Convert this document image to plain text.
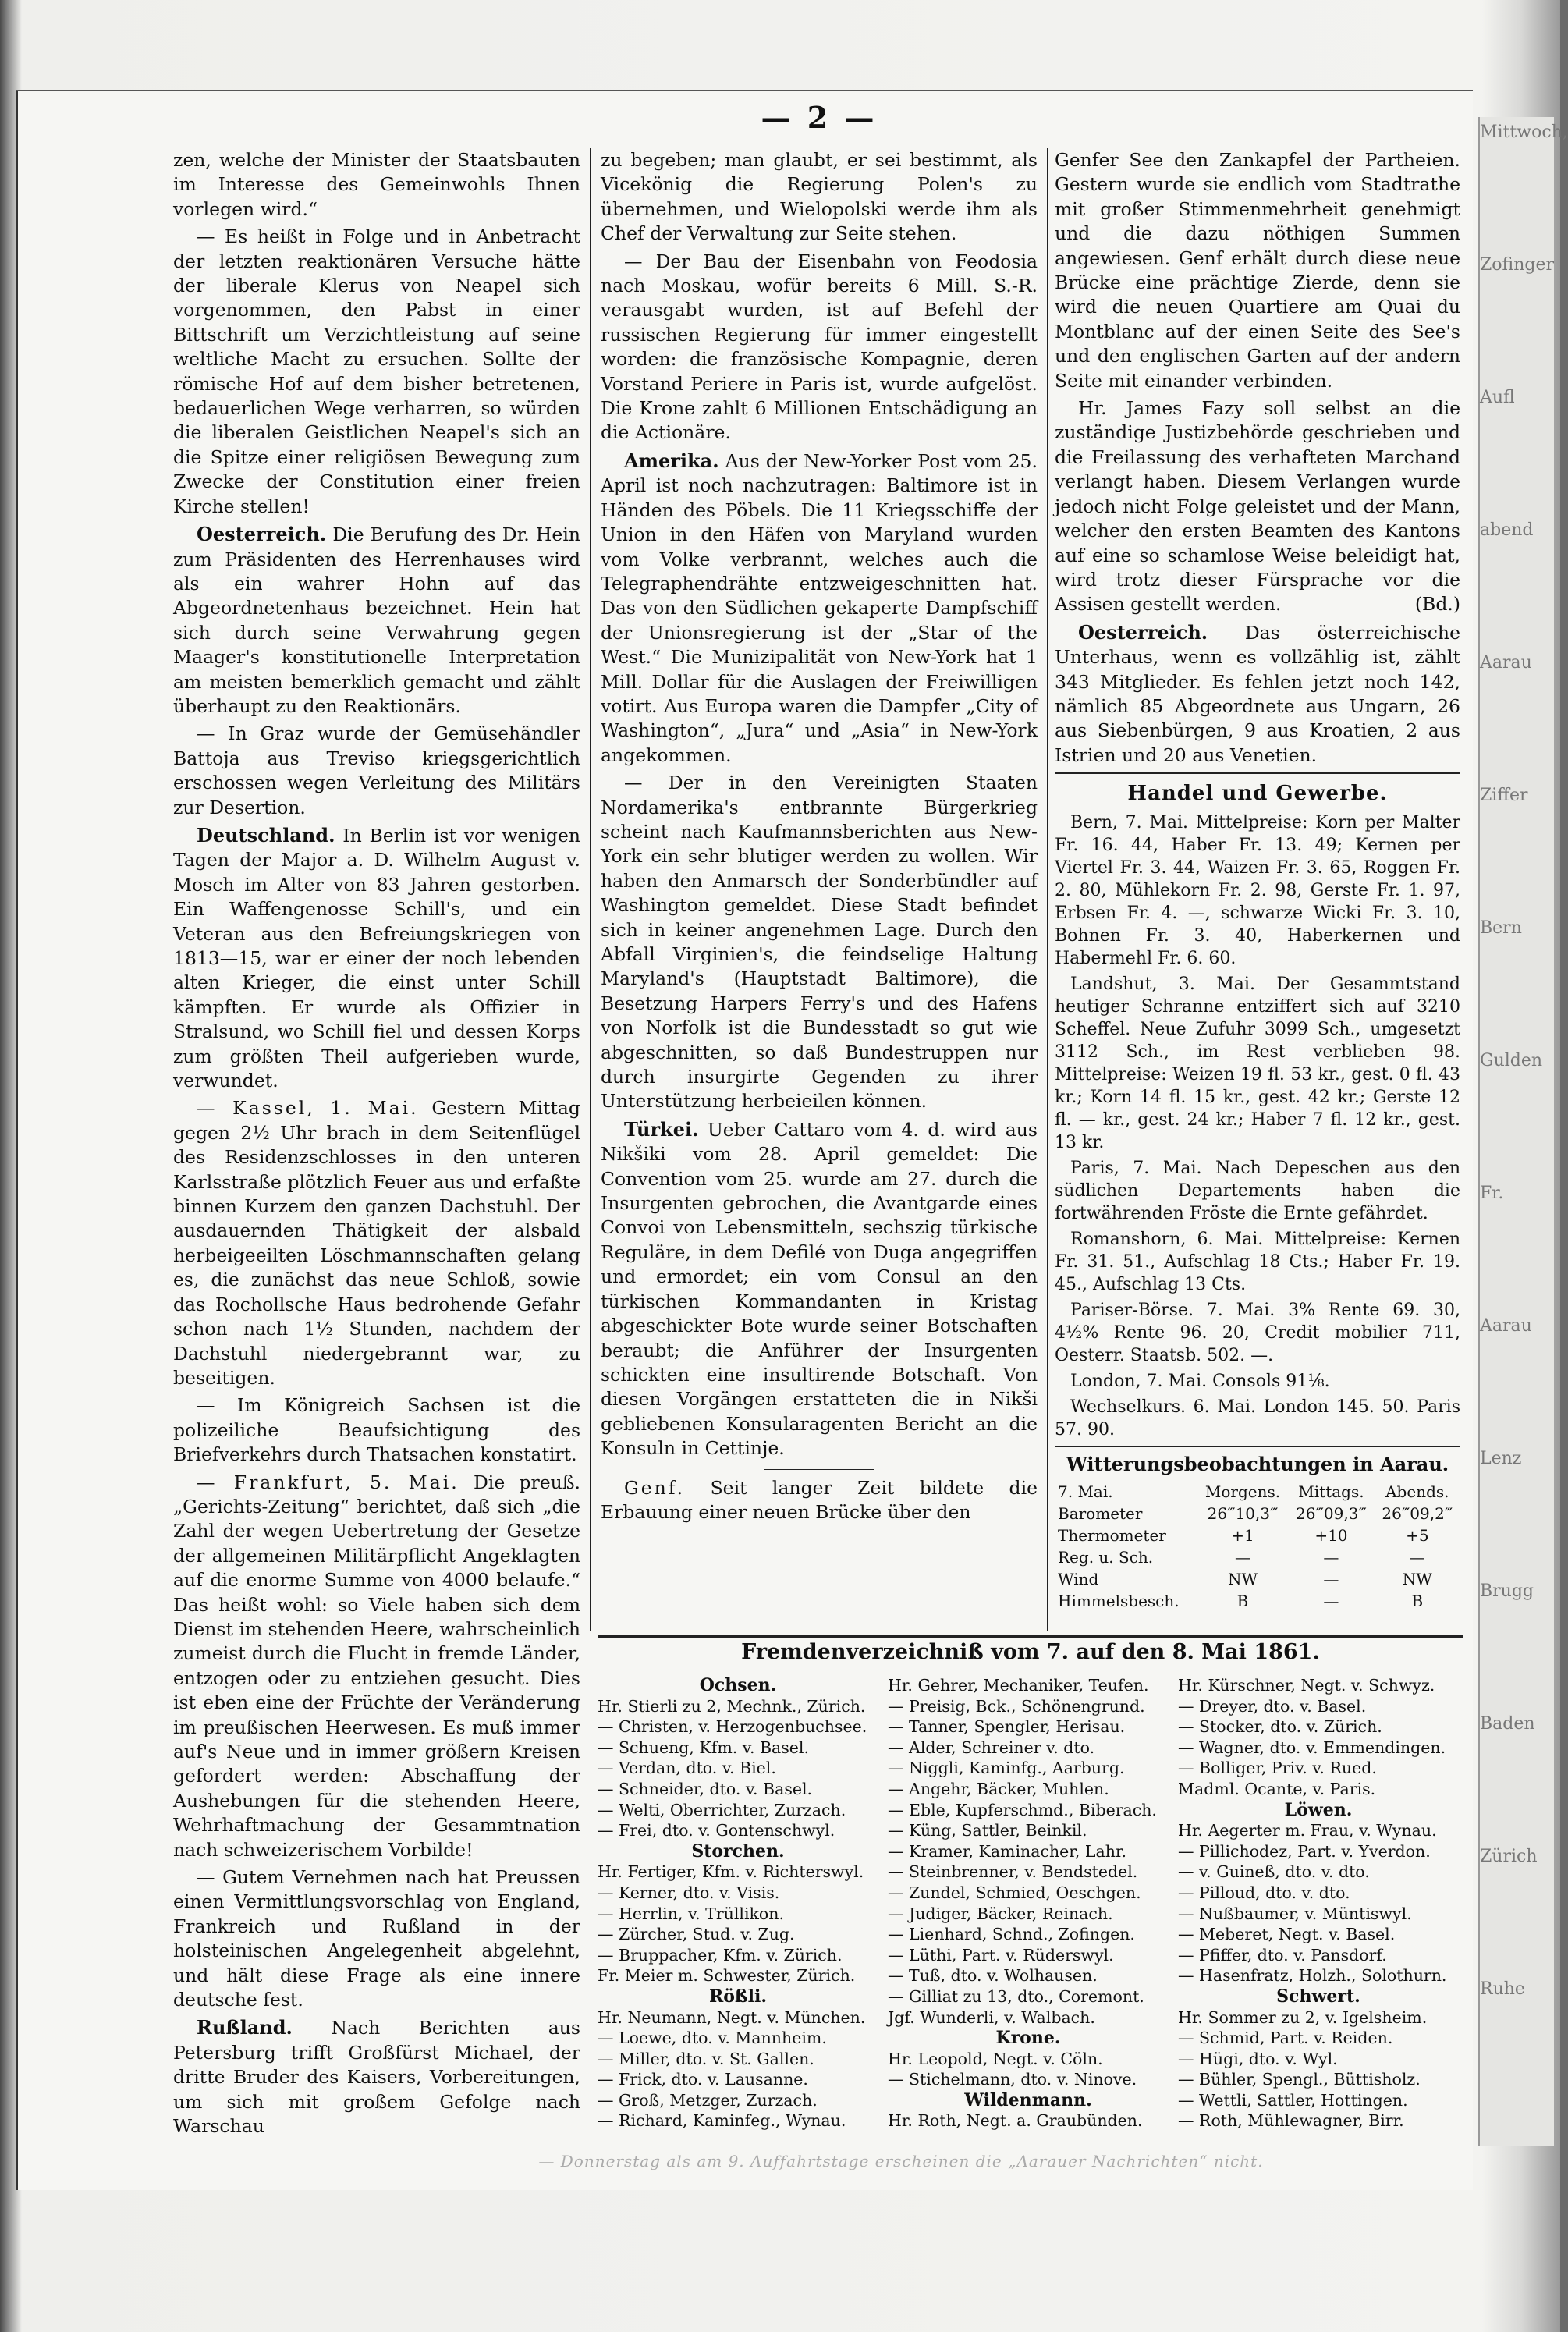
Mittwoch,
Zofinger
Aufl
abend
Aarau
Ziffer
Bern
Gulden
Fr.
Aarau
Lenz
Brugg
Baden
Zürich
Ruhe
— 2 —

zen, welche der Minister der Staatsbauten im Interesse des Gemeinwohls Ihnen vorlegen wird.“

— Es heißt in Folge und in Anbetracht der letzten reaktionären Versuche hätte der liberale Klerus von Neapel sich vorgenommen, den Pabst in einer Bittschrift um Verzichtleistung auf seine weltliche Macht zu ersuchen. Sollte der römische Hof auf dem bisher betretenen, bedauerlichen Wege verharren, so würden die liberalen Geistlichen Neapel's sich an die Spitze einer religiösen Bewegung zum Zwecke der Constitution einer freien Kirche stellen!

Oesterreich. Die Berufung des Dr. Hein zum Präsidenten des Herrenhauses wird als ein wahrer Hohn auf das Abgeordnetenhaus bezeichnet. Hein hat sich durch seine Verwahrung gegen Maager's konstitutionelle Interpretation am meisten bemerklich gemacht und zählt überhaupt zu den Reaktionärs.

— In Graz wurde der Gemüsehändler Battoja aus Treviso kriegsgerichtlich erschossen wegen Verleitung des Militärs zur Desertion.

Deutschland. In Berlin ist vor wenigen Tagen der Major a. D. Wilhelm August v. Mosch im Alter von 83 Jahren gestorben. Ein Waffengenosse Schill's, und ein Veteran aus den Befreiungskriegen von 1813—15, war er einer der noch lebenden alten Krieger, die einst unter Schill kämpften. Er wurde als Offizier in Stralsund, wo Schill fiel und dessen Korps zum größten Theil aufgerieben wurde, verwundet.

— Kassel, 1. Mai. Gestern Mittag gegen 2½ Uhr brach in dem Seitenflügel des Residenzschlosses in den unteren Karlsstraße plötzlich Feuer aus und erfaßte binnen Kurzem den ganzen Dachstuhl. Der ausdauernden Thätigkeit der alsbald herbeigeeilten Löschmannschaften gelang es, die zunächst das neue Schloß, sowie das Rochollsche Haus bedrohende Gefahr schon nach 1½ Stunden, nachdem der Dachstuhl niedergebrannt war, zu beseitigen.

— Im Königreich Sachsen ist die polizeiliche Beaufsichtigung des Briefverkehrs durch Thatsachen konstatirt.

— Frankfurt, 5. Mai. Die preuß. „Gerichts-Zeitung“ berichtet, daß sich „die Zahl der wegen Uebertretung der Gesetze der allgemeinen Militärpflicht Angeklagten auf die enorme Summe von 4000 belaufe.“ Das heißt wohl: so Viele haben sich dem Dienst im stehenden Heere, wahrscheinlich zumeist durch die Flucht in fremde Länder, entzogen oder zu entziehen gesucht. Dies ist eben eine der Früchte der Veränderung im preußischen Heerwesen. Es muß immer auf's Neue und in immer größern Kreisen gefordert werden: Abschaffung der Aushebungen für die stehenden Heere, Wehrhaftmachung der Gesammtnation nach schweizerischem Vorbilde!

— Gutem Vernehmen nach hat Preussen einen Vermittlungsvorschlag von England, Frankreich und Rußland in der holsteinischen Angelegenheit abgelehnt, und hält diese Frage als eine innere deutsche fest.

Rußland. Nach Berichten aus Petersburg trifft Großfürst Michael, der dritte Bruder des Kaisers, Vorbereitungen, um sich mit großem Gefolge nach Warschau

zu begeben; man glaubt, er sei bestimmt, als Vicekönig die Regierung Polen's zu übernehmen, und Wielopolski werde ihm als Chef der Verwaltung zur Seite stehen.

— Der Bau der Eisenbahn von Feodosia nach Moskau, wofür bereits 6 Mill. S.-R. verausgabt wurden, ist auf Befehl der russischen Regierung für immer eingestellt worden: die französische Kompagnie, deren Vorstand Periere in Paris ist, wurde aufgelöst. Die Krone zahlt 6 Millionen Entschädigung an die Actionäre.

Amerika. Aus der New-Yorker Post vom 25. April ist noch nachzutragen: Baltimore ist in Händen des Pöbels. Die 11 Kriegsschiffe der Union in den Häfen von Maryland wurden vom Volke verbrannt, welches auch die Telegraphendrähte entzweigeschnitten hat. Das von den Südlichen gekaperte Dampfschiff der Unionsregierung ist der „Star of the West.“ Die Munizipalität von New-York hat 1 Mill. Dollar für die Auslagen der Freiwilligen votirt. Aus Europa waren die Dampfer „City of Washington“, „Jura“ und „Asia“ in New-York angekommen.

— Der in den Vereinigten Staaten Nordamerika's entbrannte Bürgerkrieg scheint nach Kaufmannsberichten aus New-York ein sehr blutiger werden zu wollen. Wir haben den Anmarsch der Sonderbündler auf Washington gemeldet. Diese Stadt befindet sich in keiner angenehmen Lage. Durch den Abfall Virginien's, die feindselige Haltung Maryland's (Hauptstadt Baltimore), die Besetzung Harpers Ferry's und des Hafens von Norfolk ist die Bundesstadt so gut wie abgeschnitten, so daß Bundestruppen nur durch insurgirte Gegenden zu ihrer Unterstützung herbeieilen können.

Türkei. Ueber Cattaro vom 4. d. wird aus Nikšiki vom 28. April gemeldet: Die Convention vom 25. wurde am 27. durch die Insurgenten gebrochen, die Avantgarde eines Convoi von Lebensmitteln, sechszig türkische Reguläre, in dem Defilé von Duga angegriffen und ermordet; ein vom Consul an den türkischen Kommandanten in Kristag abgeschickter Bote wurde seiner Botschaften beraubt; die Anführer der Insurgenten schickten eine insultirende Botschaft. Von diesen Vorgängen erstatteten die in Nikši gebliebenen Konsularagenten Bericht an die Konsuln in Cettinje.

Genf. Seit langer Zeit bildete die Erbauung einer neuen Brücke über den

Genfer See den Zankapfel der Partheien. Gestern wurde sie endlich vom Stadtrathe mit großer Stimmenmehrheit genehmigt und die dazu nöthigen Summen angewiesen. Genf erhält durch diese neue Brücke eine prächtige Zierde, denn sie wird die neuen Quartiere am Quai du Montblanc auf der einen Seite des See's und den englischen Garten auf der andern Seite mit einander verbinden.

Hr. James Fazy soll selbst an die zuständige Justizbehörde geschrieben und die Freilassung des verhafteten Marchand verlangt haben. Diesem Verlangen wurde jedoch nicht Folge geleistet und der Mann, welcher den ersten Beamten des Kantons auf eine so schamlose Weise beleidigt hat, wird trotz dieser Fürsprache vor die Assisen gestellt werden.	(Bd.)

Oesterreich. Das österreichische Unterhaus, wenn es vollzählig ist, zählt 343 Mitglieder. Es fehlen jetzt noch 142, nämlich 85 Abgeordnete aus Ungarn, 26 aus Siebenbürgen, 9 aus Kroatien, 2 aus Istrien und 20 aus Venetien.

Handel und Gewerbe.

Bern, 7. Mai. Mittelpreise: Korn per Malter Fr. 16. 44, Haber Fr. 13. 49; Kernen per Viertel Fr. 3. 44, Waizen Fr. 3. 65, Roggen Fr. 2. 80, Mühlekorn Fr. 2. 98, Gerste Fr. 1. 97, Erbsen Fr. 4. —, schwarze Wicki Fr. 3. 10, Bohnen Fr. 3. 40, Haberkernen und Habermehl Fr. 6. 60.

Landshut, 3. Mai. Der Gesammtstand heutiger Schranne entziffert sich auf 3210 Scheffel. Neue Zufuhr 3099 Sch., umgesetzt 3112 Sch., im Rest verblieben 98. Mittelpreise: Weizen 19 fl. 53 kr., gest. 0 fl. 43 kr.; Korn 14 fl. 15 kr., gest. 42 kr.; Gerste 12 fl. — kr., gest. 24 kr.; Haber 7 fl. 12 kr., gest. 13 kr.

Paris, 7. Mai. Nach Depeschen aus den südlichen Departements haben die fortwährenden Fröste die Ernte gefährdet.

Romanshorn, 6. Mai. Mittelpreise: Kernen Fr. 31. 51., Aufschlag 18 Cts.; Haber Fr. 19. 45., Aufschlag 13 Cts.

Pariser-Börse. 7. Mai. 3% Rente 69. 30, 4½% Rente 96. 20, Credit mobilier 711, Oesterr. Staatsb. 502. —.

London, 7. Mai. Consols 91⅛.

Wechselkurs. 6. Mai. London 145. 50. Paris 57. 90.

Witterungsbeobachtungen in Aarau.
7. Mai.	Morgens.	Mittags.	Abends.
Barometer	26‴10,3‴	26‴09,3‴	26‴09,2‴
Thermometer	+1	+10	+5
Reg. u. Sch.	—	—	—
Wind	NW	—	NW
Himmelsbesch.	B	—	B
Fremdenverzeichniß vom 7. auf den 8. Mai 1861.
Ochsen.
Hr. Stierli zu 2, Mechnk., Zürich.
— Christen, v. Herzogenbuchsee.
— Schueng, Kfm. v. Basel.
— Verdan, dto. v. Biel.
— Schneider, dto. v. Basel.
— Welti, Oberrichter, Zurzach.
— Frei, dto. v. Gontenschwyl.
Storchen.
Hr. Fertiger, Kfm. v. Richterswyl.
— Kerner, dto. v. Visis.
— Herrlin, v. Trüllikon.
— Zürcher, Stud. v. Zug.
— Bruppacher, Kfm. v. Zürich.
Fr. Meier m. Schwester, Zürich.
Rößli.
Hr. Neumann, Negt. v. München.
— Loewe, dto. v. Mannheim.
— Miller, dto. v. St. Gallen.
— Frick, dto. v. Lausanne.
— Groß, Metzger, Zurzach.
— Richard, Kaminfeg., Wynau.
Hr. Gehrer, Mechaniker, Teufen.
— Preisig, Bck., Schönengrund.
— Tanner, Spengler, Herisau.
— Alder, Schreiner v. dto.
— Niggli, Kaminfg., Aarburg.
— Angehr, Bäcker, Muhlen.
— Eble, Kupferschmd., Biberach.
— Küng, Sattler, Beinkil.
— Kramer, Kaminacher, Lahr.
— Steinbrenner, v. Bendstedel.
— Zundel, Schmied, Oeschgen.
— Judiger, Bäcker, Reinach.
— Lienhard, Schnd., Zofingen.
— Lüthi, Part. v. Rüderswyl.
— Tuß, dto. v. Wolhausen.
— Gilliat zu 13, dto., Coremont.
Jgf. Wunderli, v. Walbach.
Krone.
Hr. Leopold, Negt. v. Cöln.
— Stichelmann, dto. v. Ninove.
Wildenmann.
Hr. Roth, Negt. a. Graubünden.
Hr. Kürschner, Negt. v. Schwyz.
— Dreyer, dto. v. Basel.
— Stocker, dto. v. Zürich.
— Wagner, dto. v. Emmendingen.
— Bolliger, Priv. v. Rued.
Madml. Ocante, v. Paris.
Löwen.
Hr. Aegerter m. Frau, v. Wynau.
— Pillichodez, Part. v. Yverdon.
— v. Guineß, dto. v. dto.
— Pilloud, dto. v. dto.
— Nußbaumer, v. Müntiswyl.
— Meberet, Negt. v. Basel.
— Pfiffer, dto. v. Pansdorf.
— Hasenfratz, Holzh., Solothurn.
Schwert.
Hr. Sommer zu 2, v. Igelsheim.
— Schmid, Part. v. Reiden.
— Hügi, dto. v. Wyl.
— Bühler, Spengl., Büttisholz.
— Wettli, Sattler, Hottingen.
— Roth, Mühlewagner, Birr.
— Donnerstag als am 9. Auffahrtstage erscheinen die „Aarauer Nachrichten“ nicht.
